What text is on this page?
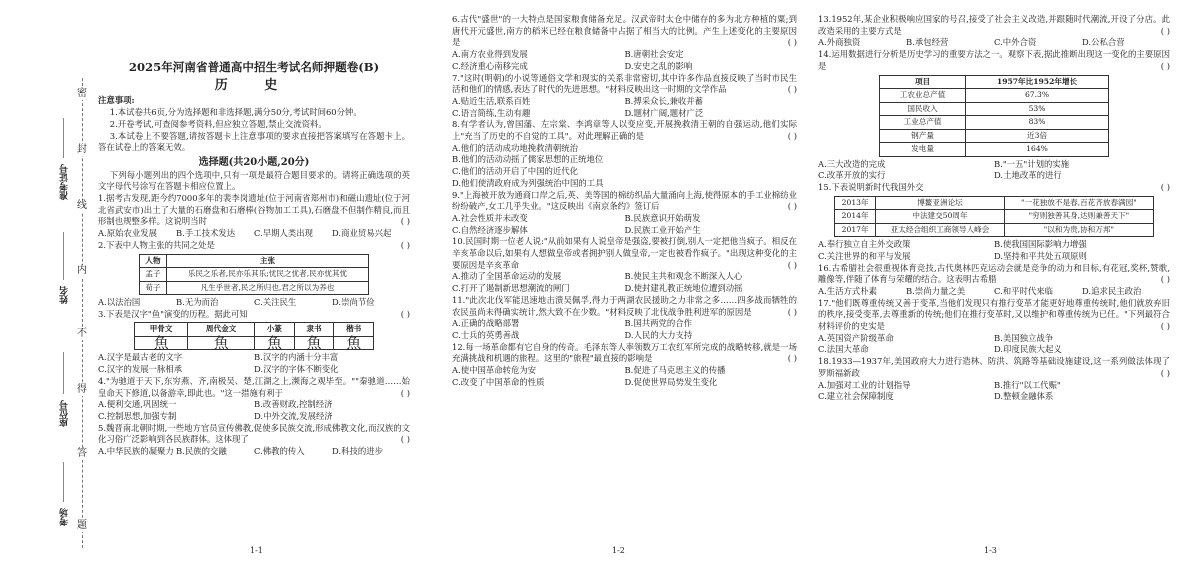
密
封
线
内
不
得
答
题
准考证号
姓名
座位号
考场
2025年河南省普通高中招生考试名师押题卷(B)
历 史
注意事项:
1.本试卷共6页,分为选择题和非选择题,满分50分,考试时间60分钟。
2.开卷考试,可查阅参考资料,但应独立答题,禁止交流资料。
3.本试卷上不要答题,请按答题卡上注意事项的要求直接把答案填写在答题卡上。答在试卷上的答案无效。
选择题(共20小题,20分)
下列每小题列出的四个选项中,只有一项是最符合题目要求的。请将正确选项的英文字母代号涂写在答题卡相应位置上。
1.据考古发现,距今约7000多年的裴李岗遗址(位于河南省郑州市)和磁山遗址(位于河北省武安市)出土了大量的石磨盘和石磨棒(谷物加工工具),石磨盘不但制作精良,而且形制也规整多样。这说明当时	( )
A.原始农业发展	B.手工技术发达	C.早期人类出现	D.商业贸易兴起
2.下表中人物主张的共同之处是	( )
人物	主张
孟子	乐民之乐者,民亦乐其乐;忧民之忧者,民亦忧其忧
荀子	凡生乎世者,民之所归也,君之所以为养也
A.以法治国	B.无为而治	C.关注民生	D.崇尚节俭
3.下表是汉字"鱼"演变的历程。据此可知	( )
甲骨文	周代金文	小篆	隶书	楷书
魚	魚	魚	魚	魚
A.汉字是最古老的文字	B.汉字的内涵十分丰富
C.汉字的发展一脉相承	D.汉字的字体不断变化
4."为驰道于天下,东穷燕、齐,南极吴、楚,江湖之上,濒海之观毕至。""秦驰道……始皇命天下修道,以备游幸,即此也。"这一措施有利于	( )
A.便利交通,巩固统一	B.改善财政,控制经济
C.控制思想,加强专制	D.中外交流,发展经济
5.魏晋南北朝时期,一些地方官员宣传佛教,促使多民族交流,形成佛教文化,而汉族的文化习俗广泛影响到各民族群体。这体现了	( )
A.中华民族的凝聚力 B.民族的交融	C.佛教的传入	D.科技的进步
6.古代"盛世"的一大特点是国家粮食储备充足。汉武帝时太仓中储存的多为北方种植的粟;到唐代开元盛世,南方的稻米已经在粮食储备中占据了相当大的比例。产生上述变化的主要原因是	( )
A.南方农业得到发展	B.唐朝社会安定
C.经济重心南移完成	D.安史之乱的影响
7."这时(明朝)的小说等通俗文学和现实的关系非常密切,其中许多作品直接反映了当时市民生活和他们的情感,表达了时代的先进思想。"材料反映出这一时期的文学作品	( )
A.贴近生活,联系百姓	B.搏采众长,兼收并蓄
C.语言简练,生动有趣	D.题材广阔,题材广泛
8.有学者认为,曾国藩、左宗棠、李鸿章等人以变应变,开展挽救清王朝的自强运动,他们实际上"充当了历史的不自觉的工具"。对此理解正确的是	( )
A.他们的活动成功地挽救清朝统治
B.他们的活动动摇了儒家思想的正统地位
C.他们的活动开启了中国的近代化
D.他们使清政府成为列强统治中国的工具
9."上海被开放为通商口岸之后,英、美等国的棉纺织品大量涌向上海,使得原本的手工业棉纺业纷纷破产,女工几乎失业。"这反映出《南京条约》签订后	( )
A.社会性质并未改变	B.民族意识开始萌发
C.自然经济逐步解体	D.民族工业开始产生
10.民国时期一位老人说:"从前如果有人说皇帝是强盗,要被打倒,别人一定把他当疯子。相反在辛亥革命以后,如果有人想做皇帝或者拥护别人做皇帝,一定也被看作疯子。"出现这种变化的主要原因是辛亥革命	( )
A.推动了全国革命运动的发展	B.使民主共和观念不断深入人心
C.打开了遏制新思想潮流的闸门	D.使封建礼教正统地位遭到动摇
11."此次北伐军能迅速地击溃吴佩孚,得力于两湖农民援助之力非常之多……四多战而牺牲的农民虽尚未得确实统计,然大致不在少数。"材料反映了北伐战争胜利进军的原因是	( )
A.正确的战略部署	B.国共两党的合作
C.士兵的英勇善战	D.人民的大力支持
12.每一场革命都有它自身的传奇。毛泽东等人率领数万工农红军所完成的战略转移,就是一场充满挑战和机遇的旅程。这里的"旅程"最直接的影响是	( )
A.使中国革命转危为安	B.促进了马克思主义的传播
C.改变了中国革命的性质	D.促使世界局势发生变化
13.1952年,某企业积极响应国家的号召,接受了社会主义改造,并跟随时代潮流,开设了分店。此改造采用的主要方式是	( )
A.外商独资	B.承包经营	C.中外合资	D.公私合营
14.运用数据进行分析是历史学习的重要方法之一。观察下表,据此推断出现这一变化的主要原因是	( )
项目	1957年比1952年增长
工农业总产值	67.3%
国民收入	53%
工业总产值	83%
钢产量	近3倍
发电量	164%
A.三大改造的完成	B."一五"计划的实施
C.改革开放的实行	D.土地改革的进行
15.下表说明新时代我国外交	( )
2013年	博鳌亚洲论坛	"一花独放不是春,百花齐放春满园"
2014年	中法建交50周年	"穷则独善其身,达则兼善天下"
2017年	亚太经合组织工商领导人峰会	"以和为贵,协和万邦"
A.奉行独立自主外交政策	B.使我国国际影响力增强
C.关注世界的和平与发展	D.坚持和平共处五项原则
16.古希腊社会很重视体育竞技,古代奥林匹克运动会就是竞争的动力和目标,有花冠,奖杯,赞歌,雕像等,伴随了体育与荣耀的结合。这表明古希腊	( )
A.生活方式朴素	B.崇尚力量之美	C.和平时代来临	D.追求民主政治
17."他们既尊重传统又善于变革,当他们发现只有推行变革才能更好地尊重传统时,他们就放弃旧的秩序,接受变革,去尊重新的传统;他们在推行变革时,又以维护和尊重传统为已任。"下列最符合材料评价的史实是	( )
A.英国资产阶级革命	B.美国独立战争
C.法国大革命	D.印度民族大起义
18.1933—1937年,美国政府大力进行造林、防洪、筑路等基础设施建设,这一系列做法体现了罗斯福新政	( )
A.加强对工业的计划指导	B.推行"以工代赈"
C.建立社会保障制度	D.整顿金融体系
1-1	1-2	1-3
